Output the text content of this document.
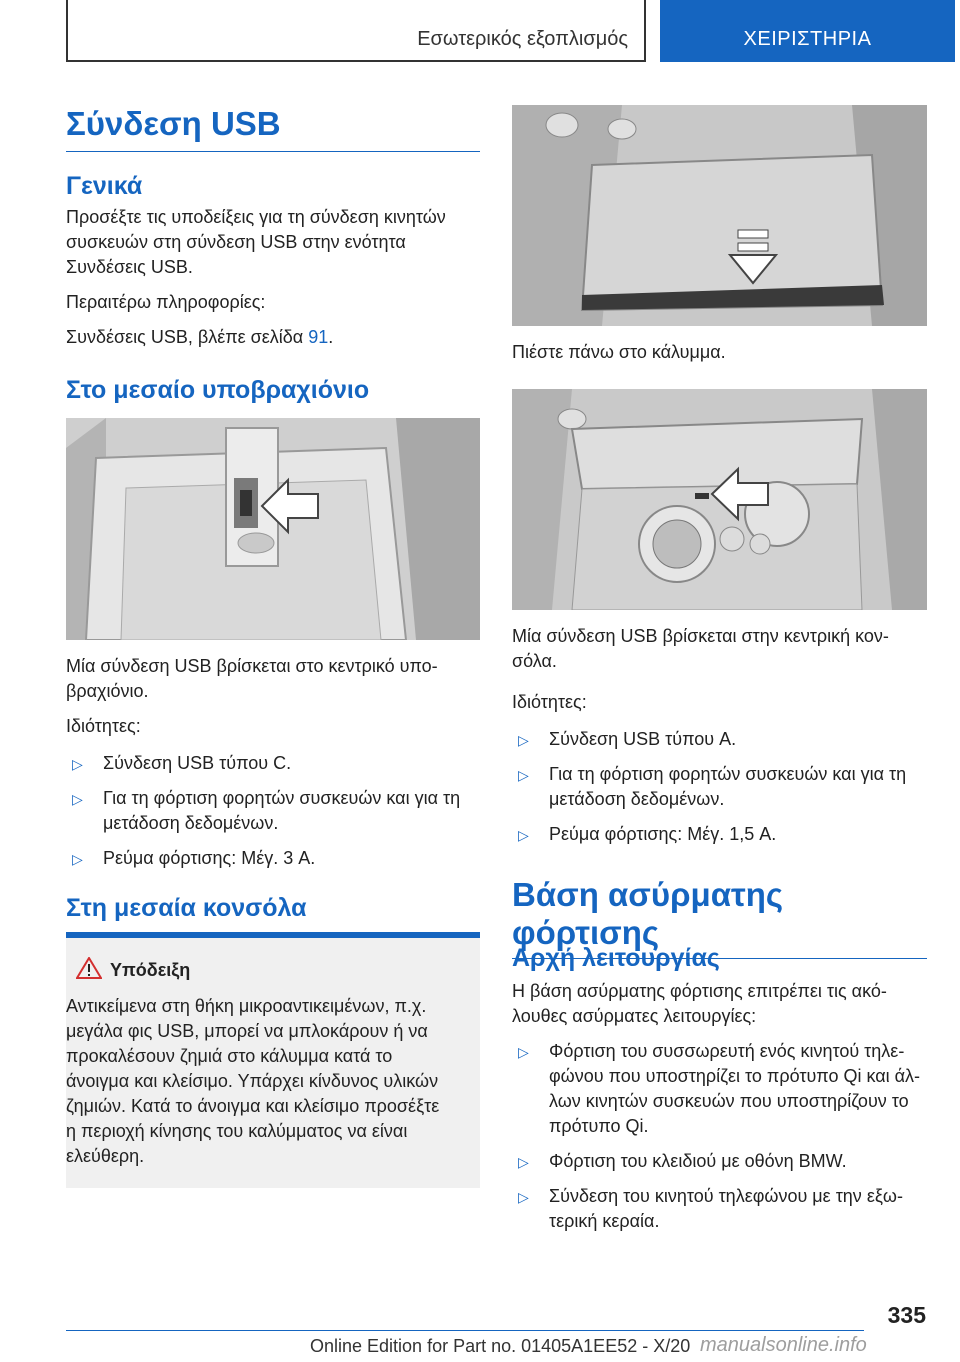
Εσωτερικός εξοπλισμός	ΧΕΙΡΙΣΤΗΡΙΑ
Σύνδεση USB
Γενικά

Προσέξτε τις υποδείξεις για τη σύνδεση κινητών

συσκευών στη σύνδεση USB στην ενότητα

Συνδέσεις USB.

Περαιτέρω πληροφορίες:

Συνδέσεις USB, βλέπε σελίδα 91.

Στο μεσαίο υποβραχιόνιο

Μία σύνδεση USB βρίσκεται στο κεντρικό υπο-

βραχιόνιο.

Ιδιότητες:

▷ Σύνδεση USB τύπου C.
▷ Για τη φόρτιση φορητών συσκευών και για τη
μετάδοση δεδομένων.
▷ Ρεύμα φόρτισης: Μέγ. 3 A.
Στη μεσαία κονσόλα
Υπόδειξη

Αντικείμενα στη θήκη μικροαντικειμένων, π.χ.

μεγάλα φις USB, μπορεί να μπλοκάρουν ή να

προκαλέσουν ζημιά στο κάλυμμα κατά το

άνοιγμα και κλείσιμο. Υπάρχει κίνδυνος υλικών

ζημιών. Κατά το άνοιγμα και κλείσιμο προσέξτε

η περιοχή κίνησης του καλύμματος να είναι

ελεύθερη.

Πιέστε πάνω στο κάλυμμα.

Μία σύνδεση USB βρίσκεται στην κεντρική κον-

σόλα.

Ιδιότητες:

▷ Σύνδεση USB τύπου A.
▷ Για τη φόρτιση φορητών συσκευών και για τη
μετάδοση δεδομένων.
▷ Ρεύμα φόρτισης: Μέγ. 1,5 A.
Βάση ασύρματης φόρτισης
Αρχή λειτουργίας

Η βάση ασύρματης φόρτισης επιτρέπει τις ακό-

λουθες ασύρματες λειτουργίες:

▷ Φόρτιση του συσσωρευτή ενός κινητού τηλε-
φώνου που υποστηρίζει το πρότυπο Qi και άλ-
λων κινητών συσκευών που υποστηρίζουν το
πρότυπο Qi.
▷ Φόρτιση του κλειδιού με οθόνη BMW.
▷ Σύνδεση του κινητού τηλεφώνου με την εξω-
τερική κεραία.
335
Online Edition for Part no. 01405A1EE52 - X/20 manualsonline.info
